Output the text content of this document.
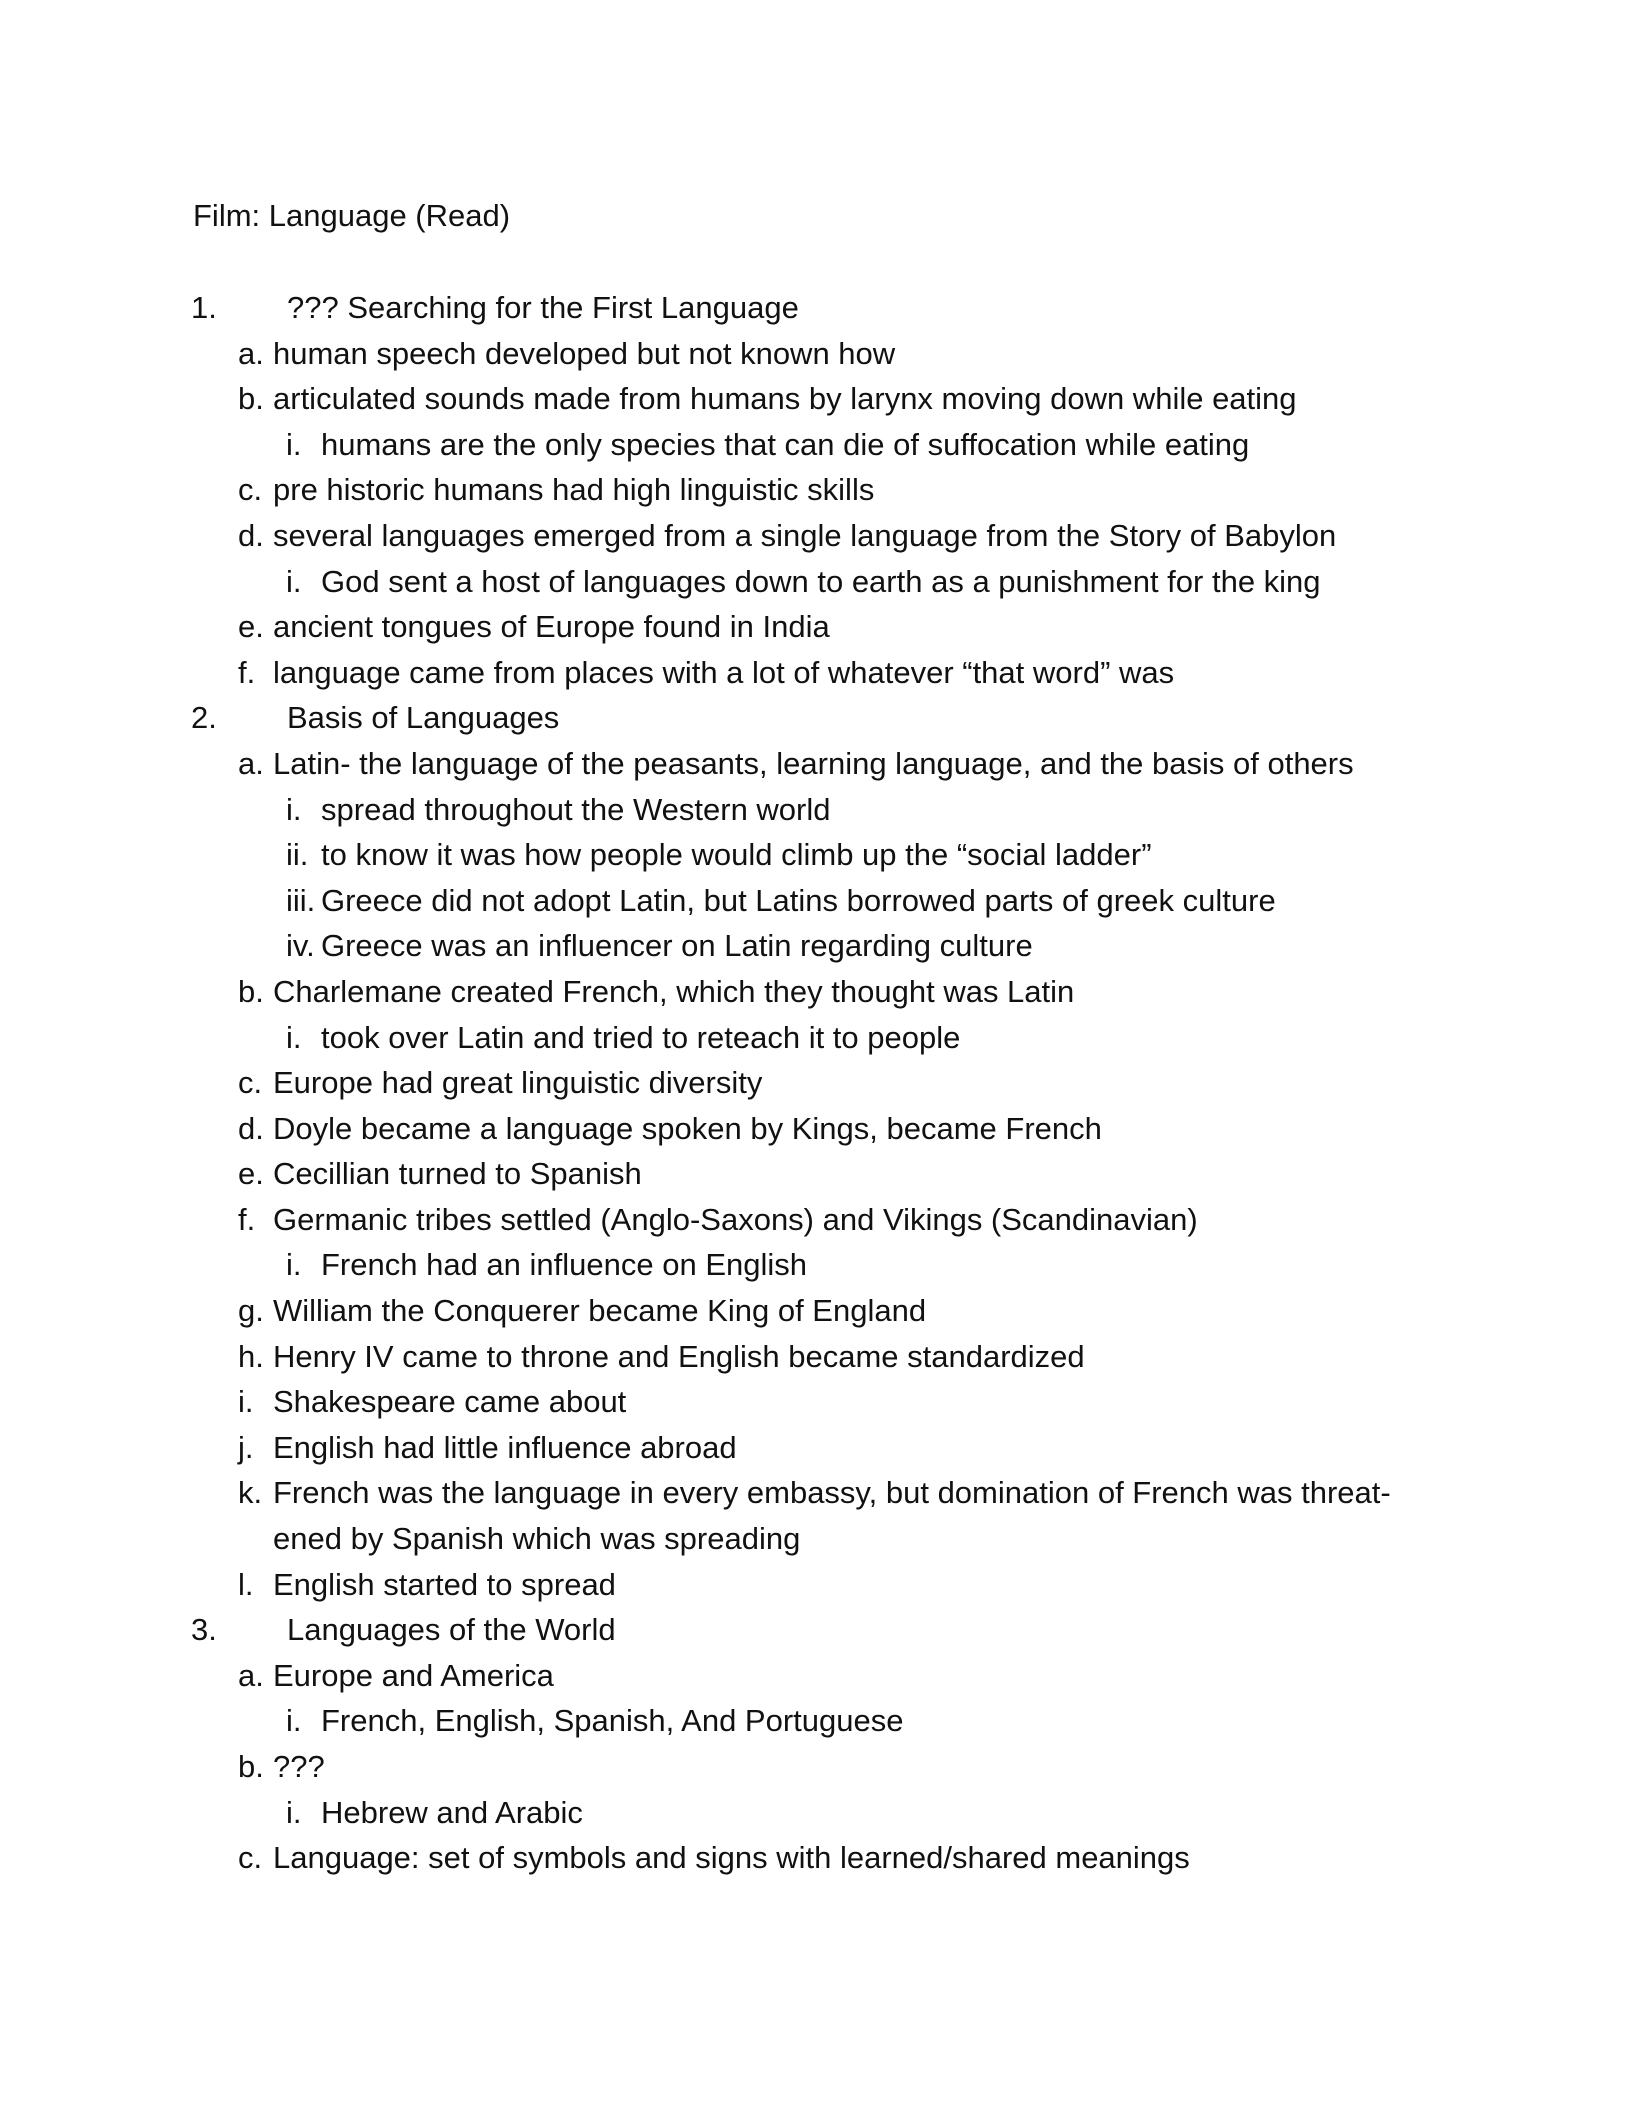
Film: Language (Read)
1. ??? Searching for the First Language
a. human speech developed but not known how
b. articulated sounds made from humans by larynx moving down while eating
i. humans are the only species that can die of suffocation while eating
c. pre historic humans had high linguistic skills
d. several languages emerged from a single language from the Story of Babylon
i. God sent a host of languages down to earth as a punishment for the king
e. ancient tongues of Europe found in India
f. language came from places with a lot of whatever “that word” was
2. Basis of Languages
a. Latin- the language of the peasants, learning language, and the basis of others
i. spread throughout the Western world
ii. to know it was how people would climb up the “social ladder”
iii. Greece did not adopt Latin, but Latins borrowed parts of greek culture
iv. Greece was an influencer on Latin regarding culture
b. Charlemane created French, which they thought was Latin
i. took over Latin and tried to reteach it to people
c. Europe had great linguistic diversity
d. Doyle became a language spoken by Kings, became French
e. Cecillian turned to Spanish
f. Germanic tribes settled (Anglo-Saxons) and Vikings (Scandinavian)
i. French had an influence on English
g. William the Conquerer became King of England
h. Henry IV came to throne and English became standardized
i. Shakespeare came about
j. English had little influence abroad
k. French was the language in every embassy, but domination of French was threat-ened by Spanish which was spreading
l. English started to spread
3. Languages of the World
a. Europe and America
i. French, English, Spanish, And Portuguese
b. ???
i. Hebrew and Arabic
c. Language: set of symbols and signs with learned/shared meanings
